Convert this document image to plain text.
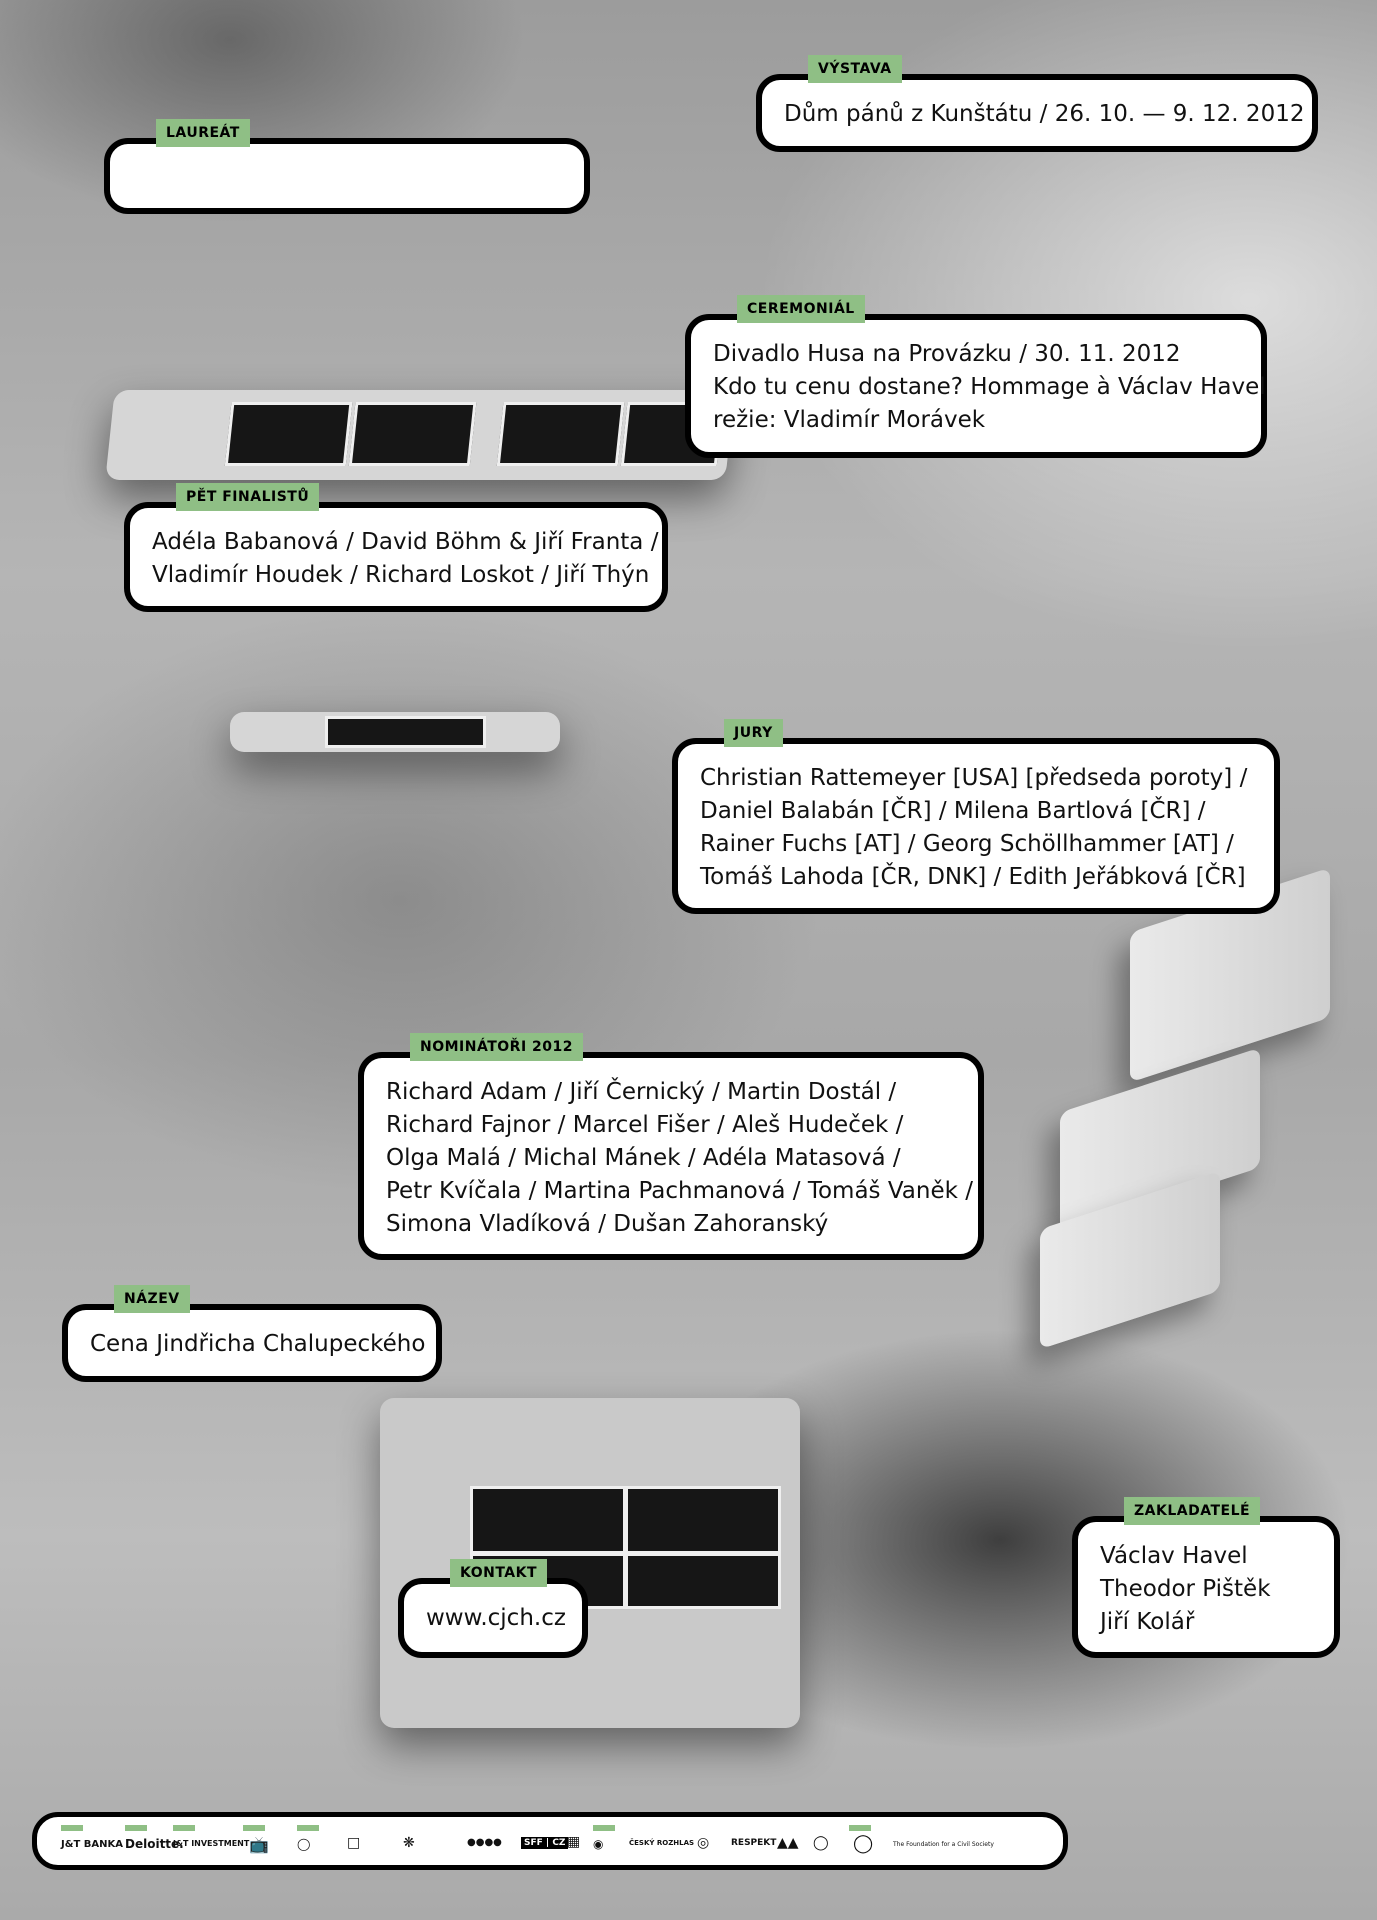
VÝSTAVA
Dům pánů z Kunštátu / 26. 10. — 9. 12. 2012
LAUREÁT
CEREMONIÁL
Divadlo Husa na Provázku / 30. 11. 2012
Kdo tu cenu dostane? Hommage à Václav Havel
režie: Vladimír Morávek
PĚT FINALISTŮ
Adéla Babanová / David Böhm & Jiří Franta /
Vladimír Houdek / Richard Loskot / Jiří Thýn
JURY
Christian Rattemeyer [USA] [předseda poroty] /
Daniel Balabán [ČR] / Milena Bartlová [ČR] /
Rainer Fuchs [AT] / Georg Schöllhammer [AT] /
Tomáš Lahoda [ČR, DNK] / Edith Jeřábková [ČR]
NOMINÁTOŘI 2012
Richard Adam / Jiří Černický / Martin Dostál /
Richard Fajnor / Marcel Fišer / Aleš Hudeček /
Olga Malá / Michal Mánek / Adéla Matasová /
Petr Kvíčala / Martina Pachmanová / Tomáš Vaněk /
Simona Vladíková / Dušan Zahoranský
NÁZEV
Cena Jindřicha Chalupeckého
KONTAKT
www.cjch.cz
ZAKLADATELÉ
Václav Havel
Theodor Pištěk
Jiří Kolář
J&T BANKA Deloitte.
J&T INVESTMENT 📺 ◯	□	❋	●●●●	SFF | CZ ▦ ◉	ČESKÝ ROZHLAS ◎ RESPEKT ▲▲ ◯ ◯	The Foundation for a Civil Society
